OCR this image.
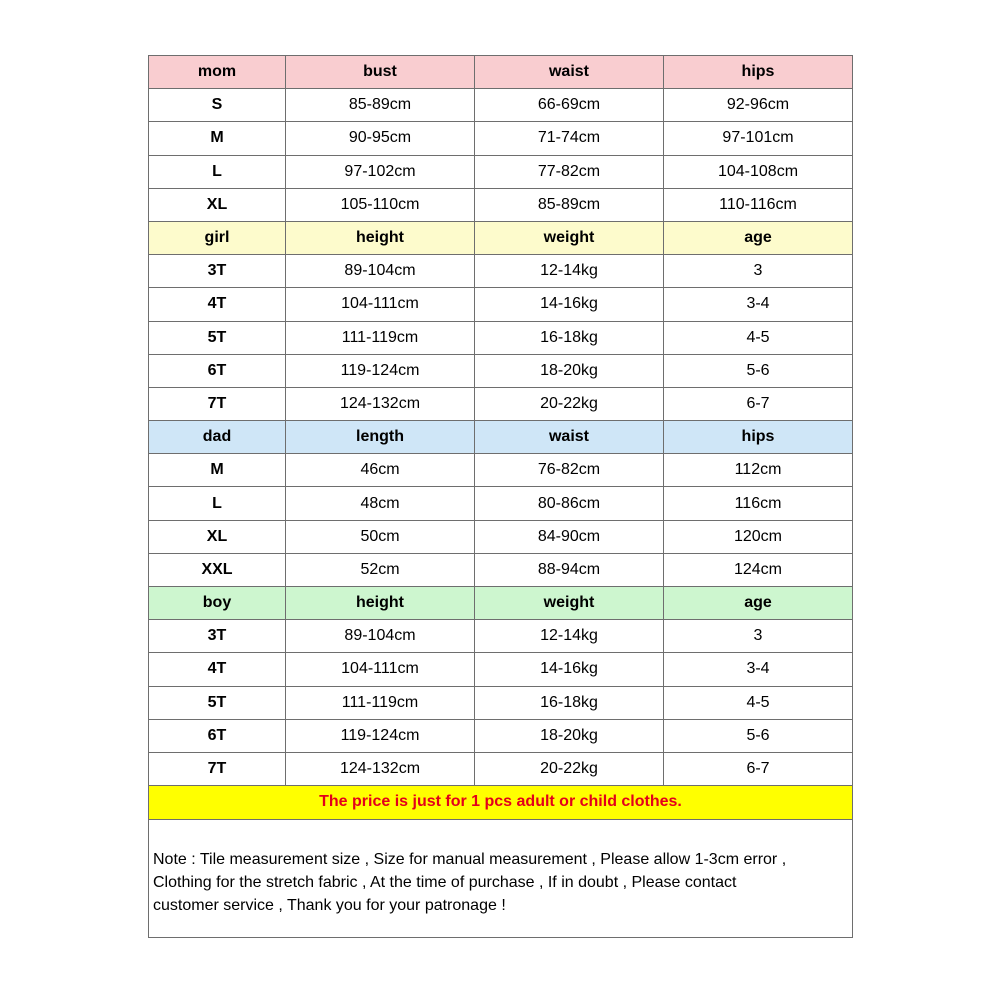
mom	bust	waist	hips
S	85-89cm	66-69cm	92-96cm
M	90-95cm	71-74cm	97-101cm
L	97-102cm	77-82cm	104-108cm
XL	105-110cm	85-89cm	110-116cm
girl	height	weight	age
3T	89-104cm	12-14kg	3
4T	104-111cm	14-16kg	3-4
5T	111-119cm	16-18kg	4-5
6T	119-124cm	18-20kg	5-6
7T	124-132cm	20-22kg	6-7
dad	length	waist	hips
M	46cm	76-82cm	112cm
L	48cm	80-86cm	116cm
XL	50cm	84-90cm	120cm
XXL	52cm	88-94cm	124cm
boy	height	weight	age
3T	89-104cm	12-14kg	3
4T	104-111cm	14-16kg	3-4
5T	111-119cm	16-18kg	4-5
6T	119-124cm	18-20kg	5-6
7T	124-132cm	20-22kg	6-7
The price is just for 1 pcs adult or child clothes.			

Note : Tile measurement size , Size for manual measurement , Please allow 1-3cm error ,
Clothing for the stretch fabric , At the time of purchase , If in doubt , Please contact
customer service , Thank you for your patronage !			
